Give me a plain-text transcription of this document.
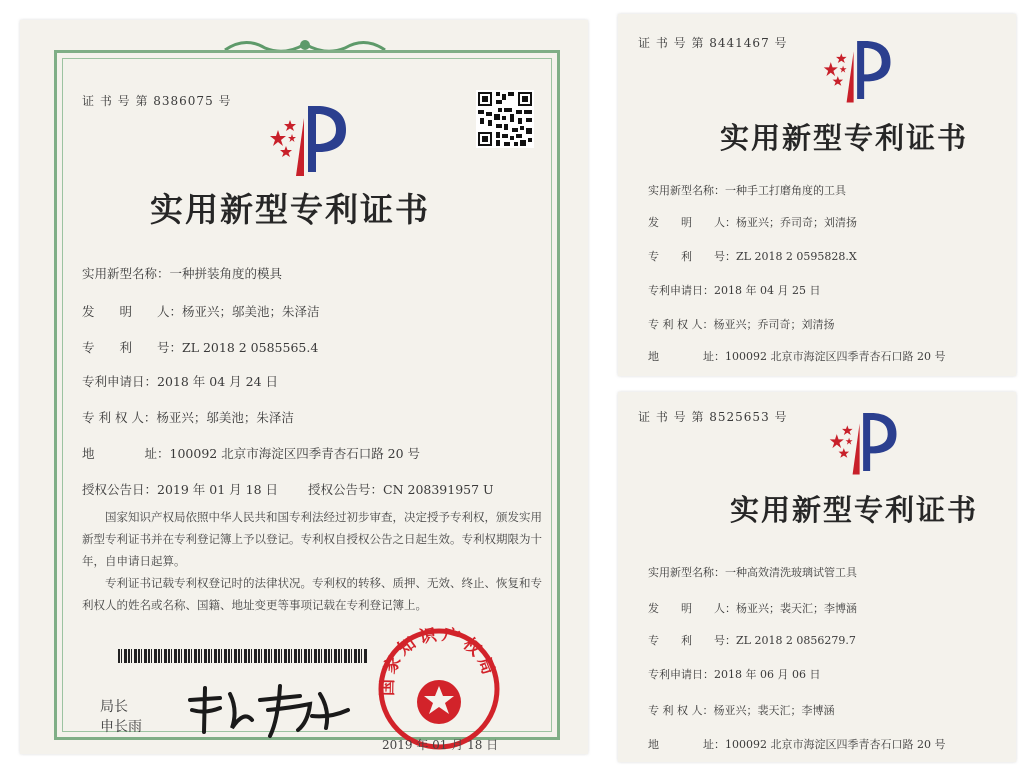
证 书 号 第 8386075 号
实用新型专利证书
实用新型名称：一种拼装角度的模具
发　　明　　人：杨亚兴；邬美池；朱泽洁
专　　利　　号：ZL 2018 2 0585565.4
专利申请日：2018 年 04 月 24 日
专 利 权 人：杨亚兴；邬美池；朱泽洁
地　　　　址：100092 北京市海淀区四季青杏石口路 20 号
授权公告日：2019 年 01 月 18 日 授权公告号：CN 208391957 U
国家知识产权局依照中华人民共和国专利法经过初步审查，决定授予专利权，颁发实用新型专利证书并在专利登记簿上予以登记。专利权自授权公告之日起生效。专利权期限为十年，自申请日起算。
专利证书记载专利权登记时的法律状况。专利权的转移、质押、无效、终止、恢复和专利权人的姓名或名称、国籍、地址变更等事项记载在专利登记簿上。
局长
申长雨
国家知识产权局
2019 年 01 月 18 日
证 书 号 第 8441467 号
实用新型专利证书
实用新型名称：一种手工打磨角度的工具
发　　明　　人：杨亚兴；乔司奇；刘清扬
专　　利　　号：ZL 2018 2 0595828.X
专利申请日：2018 年 04 月 25 日
专 利 权 人：杨亚兴；乔司奇；刘清扬
地　　　　址：100092 北京市海淀区四季青杏石口路 20 号
证 书 号 第 8525653 号
实用新型专利证书
实用新型名称：一种高效清洗玻璃试管工具
发　　明　　人：杨亚兴；裴天汇；李博涵
专　　利　　号：ZL 2018 2 0856279.7
专利申请日：2018 年 06 月 06 日
专 利 权 人：杨亚兴；裴天汇；李博涵
地　　　　址：100092 北京市海淀区四季青杏石口路 20 号
